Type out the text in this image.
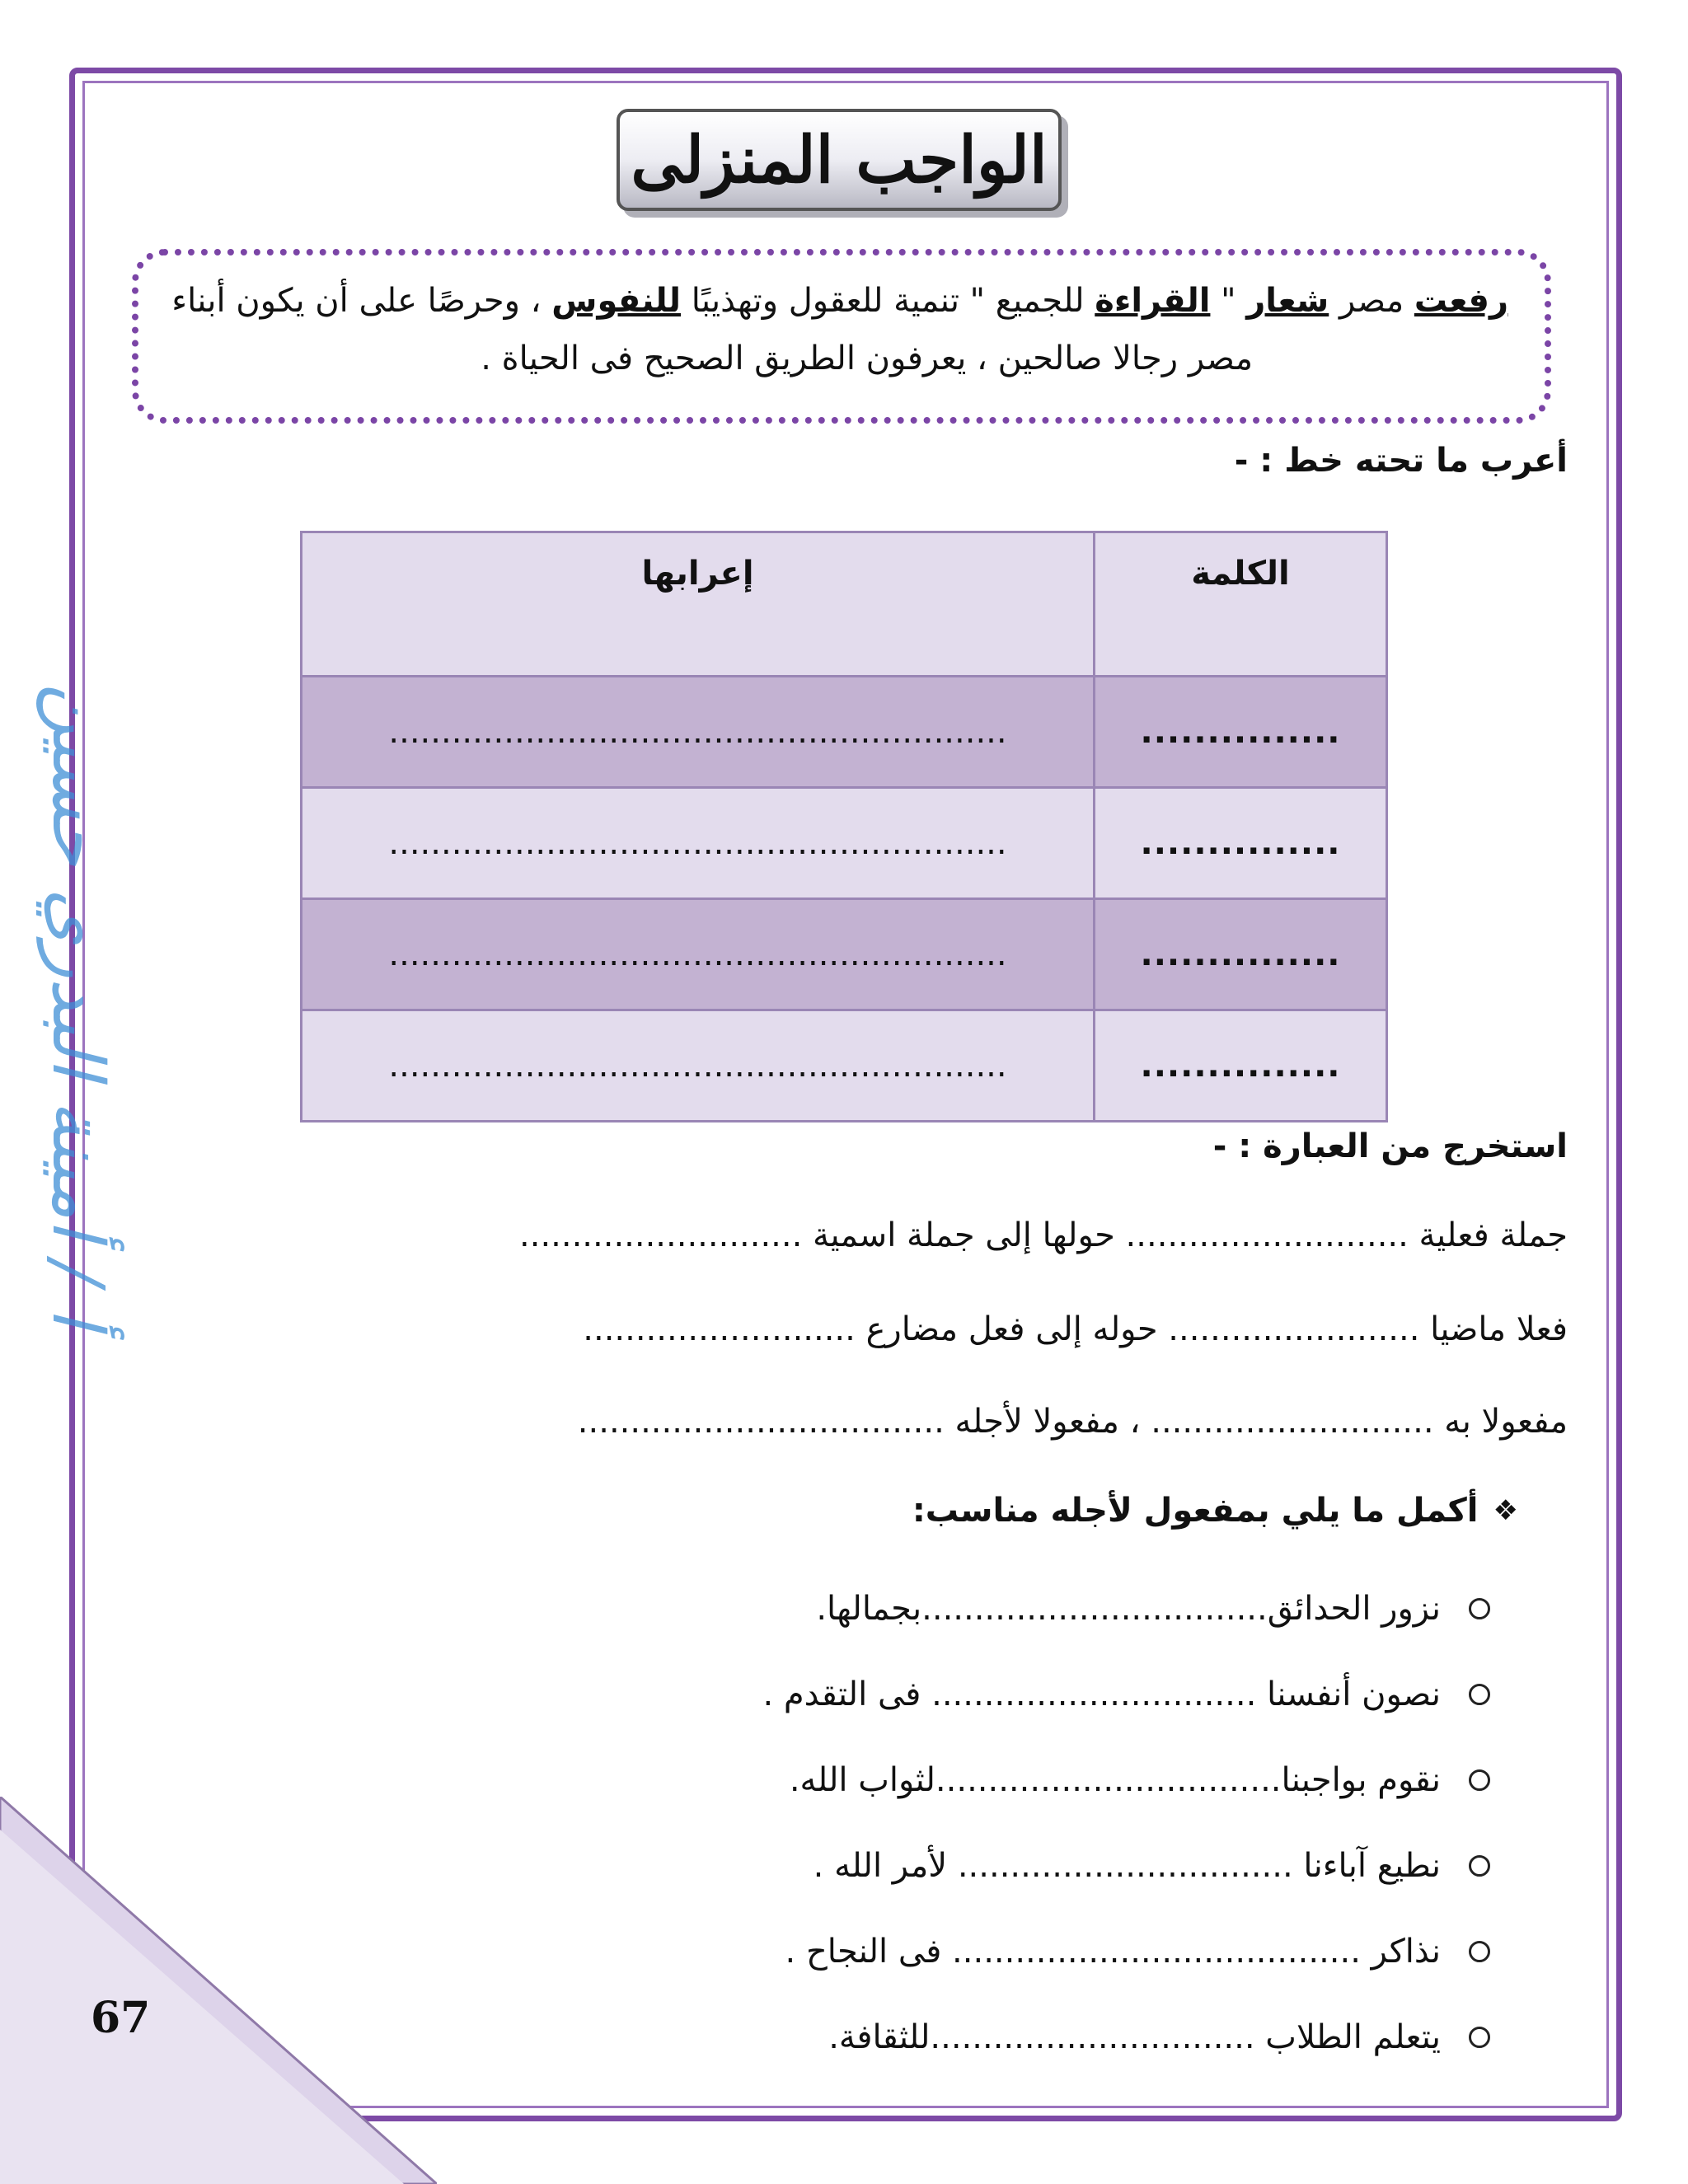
أ / أمينة البدري حسين
67
الواجب المنزلى
رفعت مصر شعار " القراءة للجميع " تنمية للعقول وتهذيبًا للنفوس ، وحرصًا على أن يكون أبناء
مصر رجالا صالحين ، يعرفون الطريق الصحيح فى الحياة .
أعرب ما تحته خط : -
الكلمة	إعرابها
...............	...........................................................
...............	...........................................................
...............	...........................................................
...............	...........................................................
استخرج من العبارة : -
جملة فعلية ........................... حولها إلى جملة اسمية ...........................
فعلا ماضيا ........................ حوله إلى فعل مضارع ..........................
مفعولا به ........................... ، مفعولا لأجله ...................................
❖
أكمل ما يلي بمفعول لأجله مناسب:
نزور الحدائق.................................بجمالها.
نصون أنفسنا ............................... فى التقدم .
نقوم بواجبنا.................................لثواب الله.
نطيع آباءنا ................................ لأمر الله .
نذاكر ....................................... فى النجاح .
يتعلم الطلاب ...............................للثقافة.
